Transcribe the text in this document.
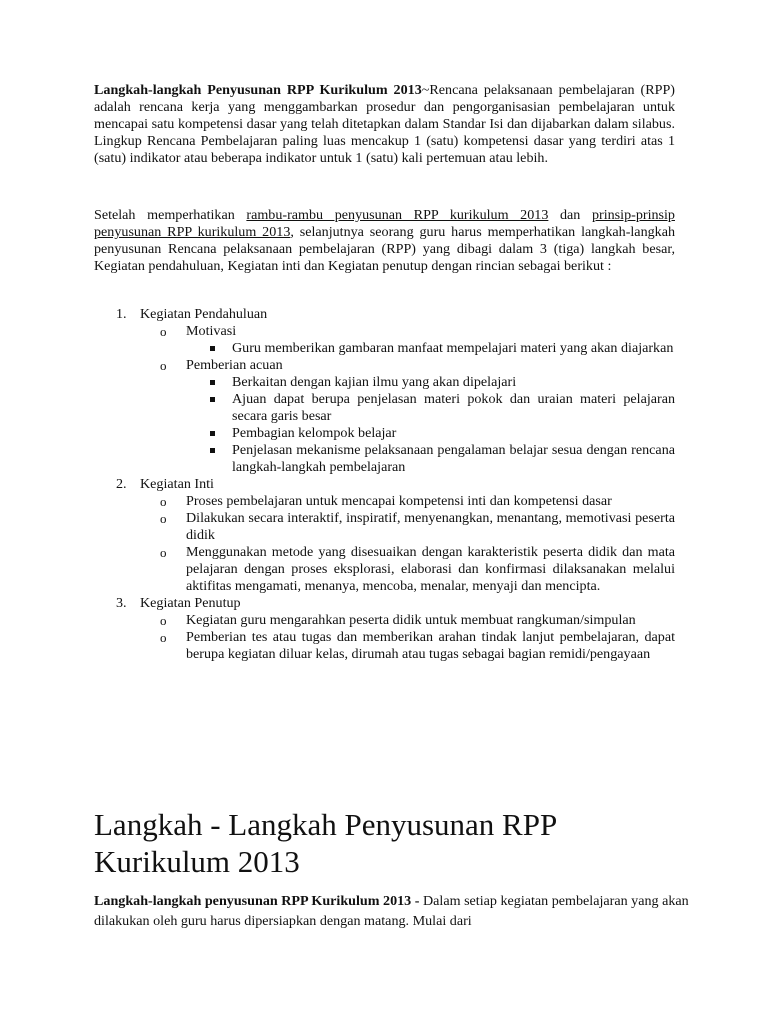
Langkah-langkah Penyusunan RPP Kurikulum 2013~Rencana pelaksanaan pembelajaran (RPP) adalah rencana kerja yang menggambarkan prosedur dan pengorganisasian pembelajaran untuk mencapai satu kompetensi dasar yang telah ditetapkan dalam Standar Isi dan dijabarkan dalam silabus. Lingkup Rencana Pembelajaran paling luas mencakup 1 (satu) kompetensi dasar yang terdiri atas 1 (satu) indikator atau beberapa indikator untuk 1 (satu) kali pertemuan atau lebih.

Setelah memperhatikan rambu-rambu penyusunan RPP kurikulum 2013 dan prinsip-prinsip penyusunan RPP kurikulum 2013, selanjutnya seorang guru harus memperhatikan langkah-langkah penyusunan Rencana pelaksanaan pembelajaran (RPP) yang dibagi dalam 3 (tiga) langkah besar, Kegiatan pendahuluan, Kegiatan inti dan Kegiatan penutup dengan rincian sebagai berikut :

1. Kegiatan Pendahuluan
o Motivasi
Guru memberikan gambaran manfaat mempelajari materi yang akan diajarkan
o Pemberian acuan
Berkaitan dengan kajian ilmu yang akan dipelajari
Ajuan dapat berupa penjelasan materi pokok dan uraian materi pelajaran secara garis besar
Pembagian kelompok belajar
Penjelasan mekanisme pelaksanaan pengalaman belajar sesua dengan rencana langkah-langkah pembelajaran
2. Kegiatan Inti
o Proses pembelajaran untuk mencapai kompetensi inti dan kompetensi dasar
o Dilakukan secara interaktif, inspiratif, menyenangkan, menantang, memotivasi peserta didik
o Menggunakan metode yang disesuaikan dengan karakteristik peserta didik dan mata pelajaran dengan proses eksplorasi, elaborasi dan konfirmasi dilaksanakan melalui aktifitas mengamati, menanya, mencoba, menalar, menyaji dan mencipta.
3. Kegiatan Penutup
o Kegiatan guru mengarahkan peserta didik untuk membuat rangkuman/simpulan
o Pemberian tes atau tugas dan memberikan arahan tindak lanjut pembelajaran, dapat berupa kegiatan diluar kelas, dirumah atau tugas sebagai bagian remidi/pengayaan
Langkah - Langkah Penyusunan RPP Kurikulum 2013

Langkah-langkah penyusunan RPP Kurikulum 2013 - Dalam setiap kegiatan pembelajaran yang akan dilakukan oleh guru harus dipersiapkan dengan matang. Mulai dari
